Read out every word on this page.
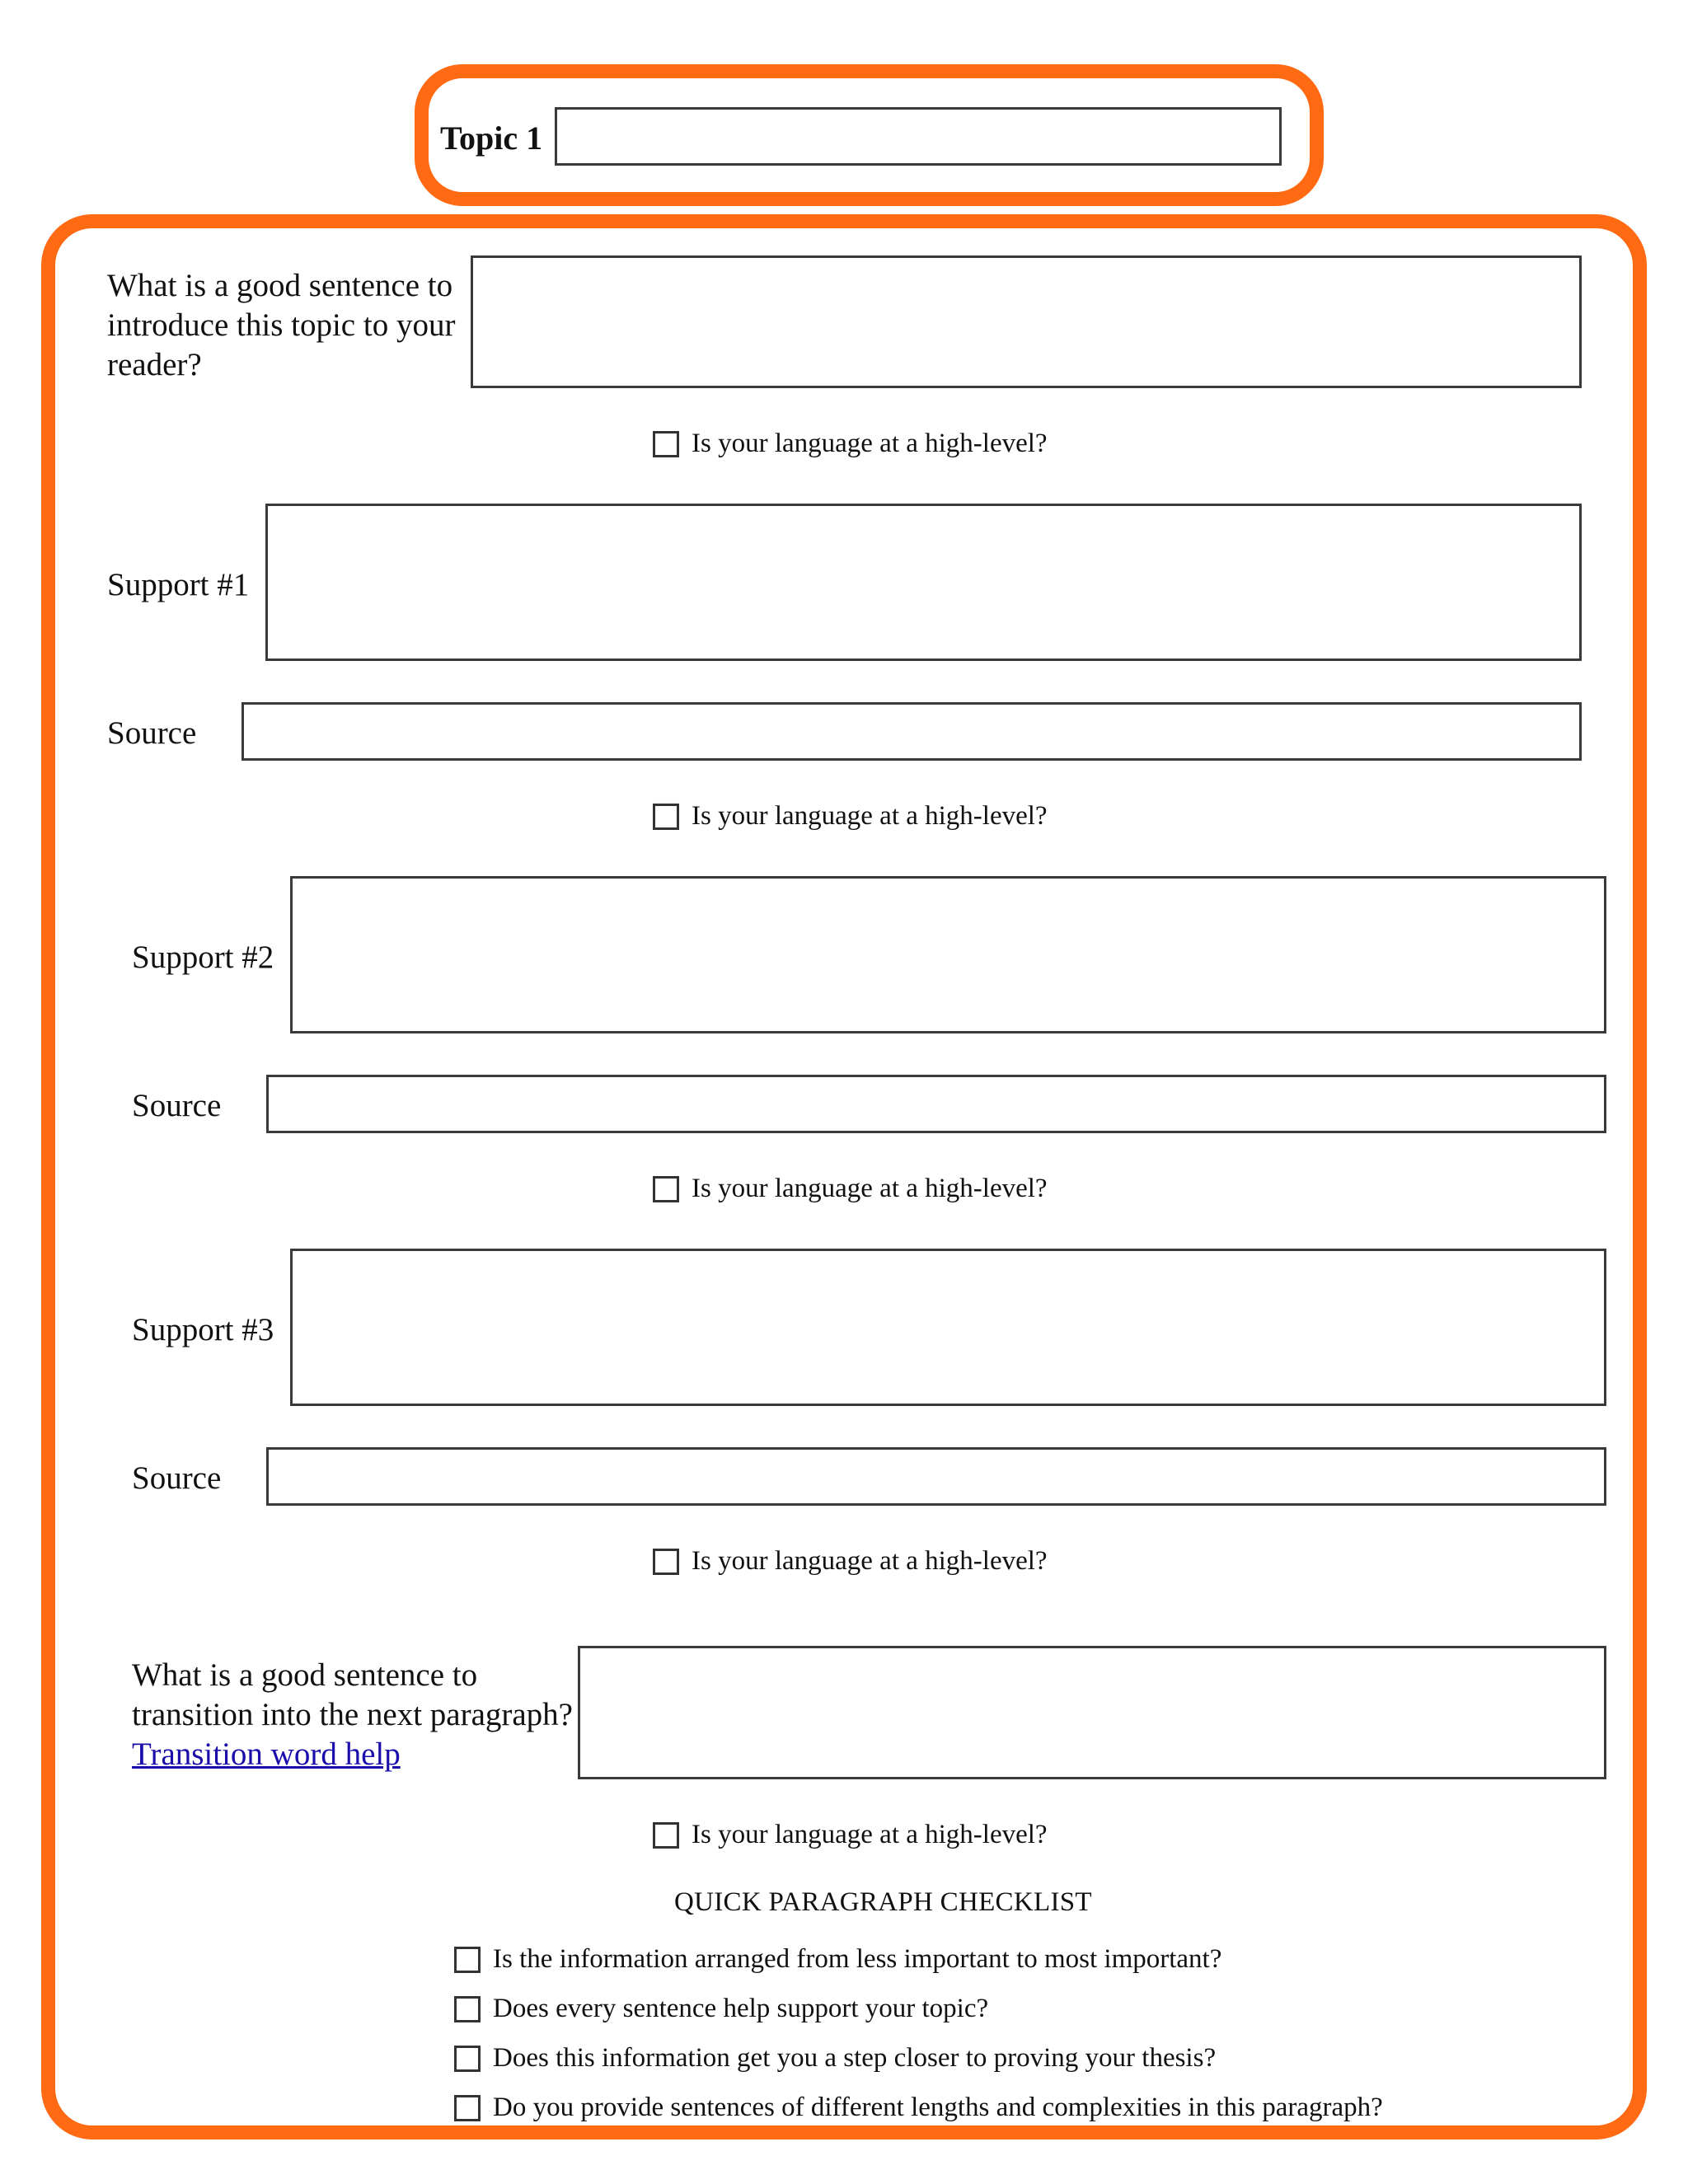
Topic 1
What is a good sentence to introduce this topic to your reader?
Is your language at a high-level?
Support #1
Source
Is your language at a high-level?
Support #2
Source
Is your language at a high-level?
Support #3
Source
Is your language at a high-level?
What is a good sentence to transition into the next paragraph? Transition word help
Is your language at a high-level?
QUICK PARAGRAPH CHECKLIST
Is the information arranged from less important to most important?
Does every sentence help support your topic?
Does this information get you a step closer to proving your thesis?
Do you provide sentences of different lengths and complexities in this paragraph?
